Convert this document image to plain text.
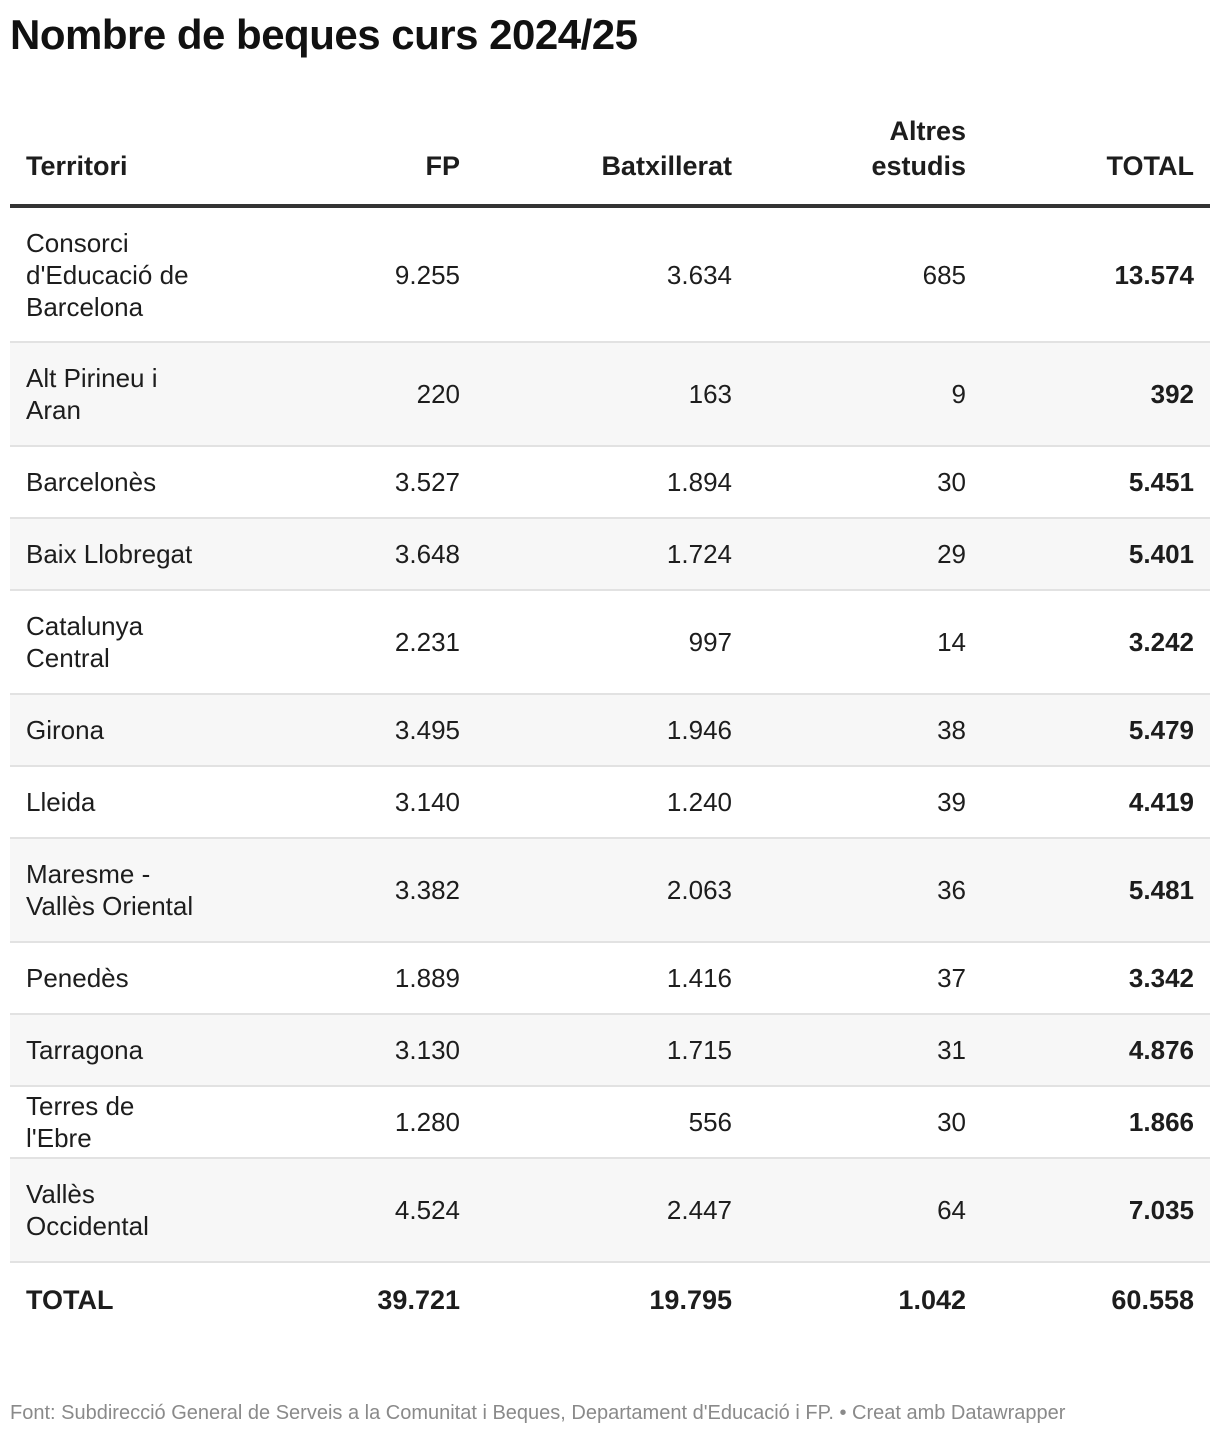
Nombre de beques curs 2024/25
Territori	FP	Batxillerat	Altres estudis	TOTAL
Consorci d'Educació de Barcelona	9.255	3.634	685	13.574
Alt Pirineu i Aran	220	163	9	392
Barcelonès	3.527	1.894	30	5.451
Baix Llobregat	3.648	1.724	29	5.401
Catalunya Central	2.231	997	14	3.242
Girona	3.495	1.946	38	5.479
Lleida	3.140	1.240	39	4.419
Maresme - Vallès Oriental	3.382	2.063	36	5.481
Penedès	1.889	1.416	37	3.342
Tarragona	3.130	1.715	31	4.876
Terres de l'Ebre	1.280	556	30	1.866
Vallès Occidental	4.524	2.447	64	7.035
TOTAL	39.721	19.795	1.042	60.558
Font: Subdirecció General de Serveis a la Comunitat i Beques, Departament d'Educació i FP. • Creat amb Datawrapper
